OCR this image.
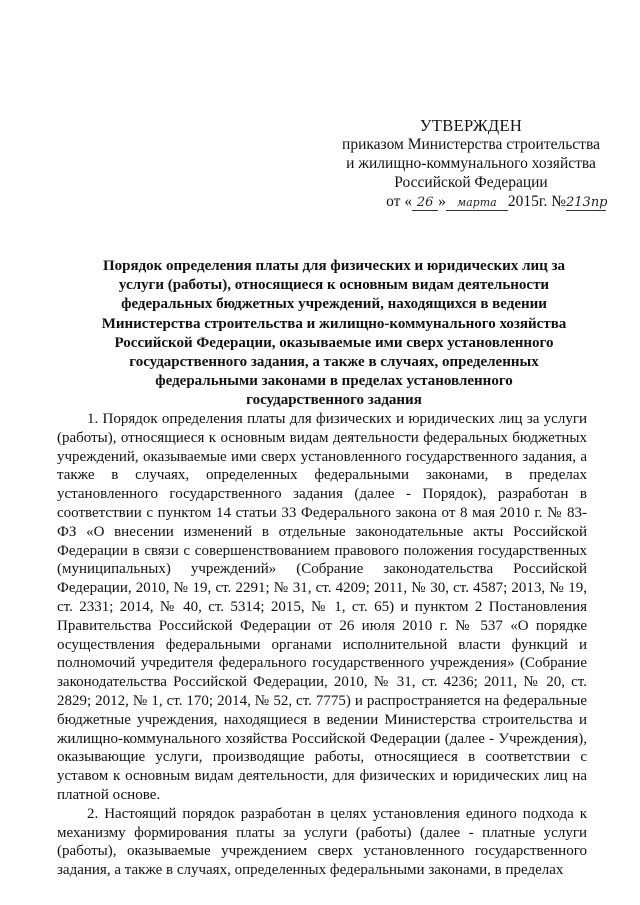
УТВЕРЖДЕН
приказом Министерства строительства
и жилищно-коммунального хозяйства
Российской Федерации
от « 26 » марта 2015г. №213пр
Порядок определения платы для физических и юридических лиц за услуги (работы), относящиеся к основным видам деятельности федеральных бюджетных учреждений, находящихся в ведении Министерства строительства и жилищно-коммунального хозяйства Российской Федерации, оказываемые ими сверх установленного государственного задания, а также в случаях, определенных федеральными законами в пределах установленного государственного задания

1. Порядок определения платы для физических и юридических лиц за услуги (работы), относящиеся к основным видам деятельности федеральных бюджетных учреждений, оказываемые ими сверх установленного государственного задания, а также в случаях, определенных федеральными законами, в пределах установленного государственного задания (далее - Порядок), разработан в соответствии с пунктом 14 статьи 33 Федерального закона от 8 мая 2010 г. № 83-ФЗ «О внесении изменений в отдельные законодательные акты Российской Федерации в связи с совершенствованием правового положения государственных (муниципальных) учреждений» (Собрание законодательства Российской Федерации, 2010, № 19, ст. 2291; № 31, ст. 4209; 2011, № 30, ст. 4587; 2013, № 19, ст. 2331; 2014, № 40, ст. 5314; 2015, № 1, ст. 65) и пунктом 2 Постановления Правительства Российской Федерации от 26 июля 2010 г. № 537 «О порядке осуществления федеральными органами исполнительной власти функций и полномочий учредителя федерального государственного учреждения» (Собрание законодательства Российской Федерации, 2010, № 31, ст. 4236; 2011, № 20, ст. 2829; 2012, № 1, ст. 170; 2014, № 52, ст. 7775) и распространяется на федеральные бюджетные учреждения, находящиеся в ведении Министерства строительства и жилищно-коммунального хозяйства Российской Федерации (далее - Учреждения), оказывающие услуги, производящие работы, относящиеся в соответствии с уставом к основным видам деятельности, для физических и юридических лиц на платной основе.

2. Настоящий порядок разработан в целях установления единого подхода к механизму формирования платы за услуги (работы) (далее - платные услуги (работы), оказываемые учреждением сверх установленного государственного задания, а также в случаях, определенных федеральными законами, в пределах
